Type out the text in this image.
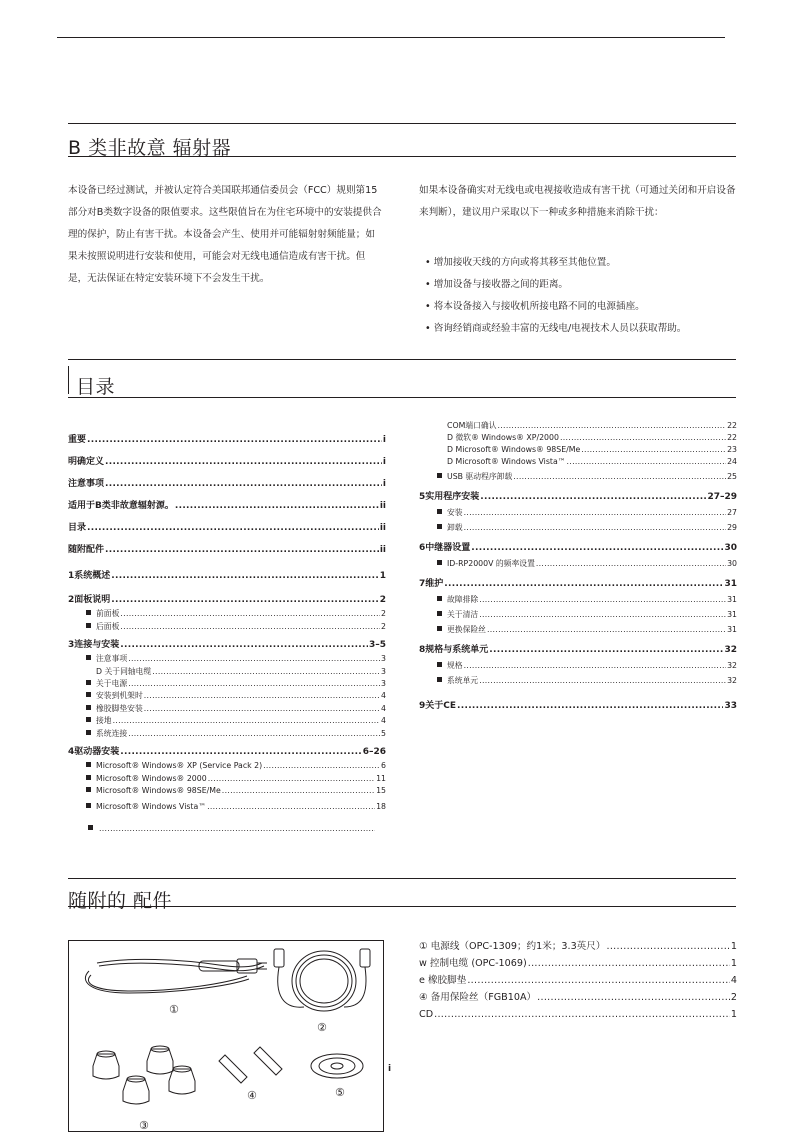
B 类非故意 辐射器
本设备已经过测试，并被认定符合美国联邦通信委员会（FCC）规则第15部分对B类数字设备的限值要求。这些限值旨在为住宅环境中的安装提供合理的保护，防止有害干扰。本设备会产生、使用并可能辐射射频能量；如果未按照说明进行安装和使用，可能会对无线电通信造成有害干扰。但是，无法保证在特定安装环境下不会发生干扰。
如果本设备确实对无线电或电视接收造成有害干扰（可通过关闭和开启设备来判断），建议用户采取以下一种或多种措施来消除干扰：
• 增加接收天线的方向或将其移至其他位置。
• 增加设备与接收器之间的距离。
• 将本设备接入与接收机所接电路不同的电源插座。
• 咨询经销商或经验丰富的无线电/电视技术人员以获取帮助。
目录
重要 .....	i
明确定义 .....	i
注意事项 .....	i
适用于B类非故意辐射源。 .....	ii
目录 .....	ii
随附配件 .....	ii
1 系统概述 .....	1
2 面板说明 .....	2
前面板 .....	2
后面板 .....	2
3 连接与安装 .....	3–5
注意事项 .....	3
D 关于同轴电缆 .....	3
关于电源 .....	3
安装到机架时 .....	4
橡胶脚垫安装 .....	4
接地 .....	4
系统连接 .....	5
4 驱动器安装 .....	6–26
Microsoft® Windows® XP (Service Pack 2) .....	6
Microsoft® Windows® 2000 .....	11
Microsoft® Windows® 98SE/Me .....	15
Microsoft® Windows Vista™ .....	18
.....
COM端口确认 .....	22
D 微软® Windows® XP/2000 .....	22
D Microsoft® Windows® 98SE/Me .....	23
D Microsoft® Windows Vista™ .....	24
USB 驱动程序卸载 .....	25
5 实用程序安装 .....	27–29
安装 .....	27
卸载 .....	29
6 中继器设置 .....	30
ID-RP2000V 的频率设置 .....	30
7 维护 .....	31
故障排除 .....	31
关于清洁 .....	31
更换保险丝 .....	31
8 规格与系统单元 .....	32
规格 .....	32
系统单元 .....	32
9 关于CE .....	33
随附的 配件
①
②
③
④	⑤
i
① 电源线（OPC-1309；约1米；3.3英尺） .....	1
w 控制电缆 (OPC-1069) .....	1
e 橡胶脚垫 .....	4
④ 备用保险丝（FGB10A） .....	2
CD .....	1
